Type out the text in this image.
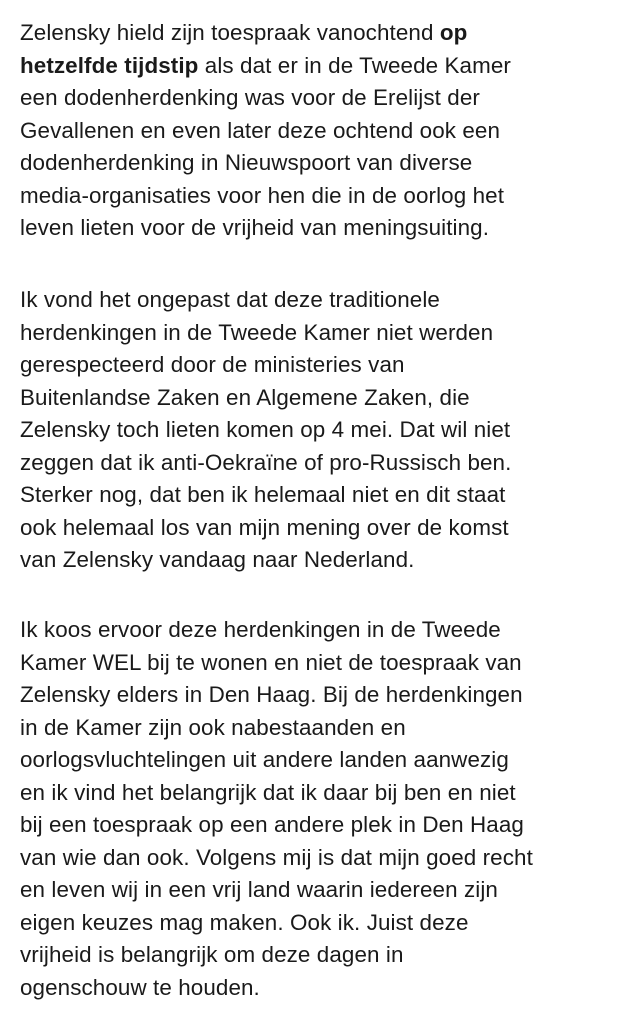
Zelensky hield zijn toespraak vanochtend op
hetzelfde tijdstip als dat er in de Tweede Kamer
een dodenherdenking was voor de Erelijst der
Gevallenen en even later deze ochtend ook een
dodenherdenking in Nieuwspoort van diverse
media-organisaties voor hen die in de oorlog het
leven lieten voor de vrijheid van meningsuiting.
Ik vond het ongepast dat deze traditionele
herdenkingen in de Tweede Kamer niet werden
gerespecteerd door de ministeries van
Buitenlandse Zaken en Algemene Zaken, die
Zelensky toch lieten komen op 4 mei. Dat wil niet
zeggen dat ik anti-Oekraïne of pro-Russisch ben.
Sterker nog, dat ben ik helemaal niet en dit staat
ook helemaal los van mijn mening over de komst
van Zelensky vandaag naar Nederland.
Ik koos ervoor deze herdenkingen in de Tweede
Kamer WEL bij te wonen en niet de toespraak van
Zelensky elders in Den Haag. Bij de herdenkingen
in de Kamer zijn ook nabestaanden en
oorlogsvluchtelingen uit andere landen aanwezig
en ik vind het belangrijk dat ik daar bij ben en niet
bij een toespraak op een andere plek in Den Haag
van wie dan ook. Volgens mij is dat mijn goed recht
en leven wij in een vrij land waarin iedereen zijn
eigen keuzes mag maken. Ook ik. Juist deze
vrijheid is belangrijk om deze dagen in
ogenschouw te houden.
